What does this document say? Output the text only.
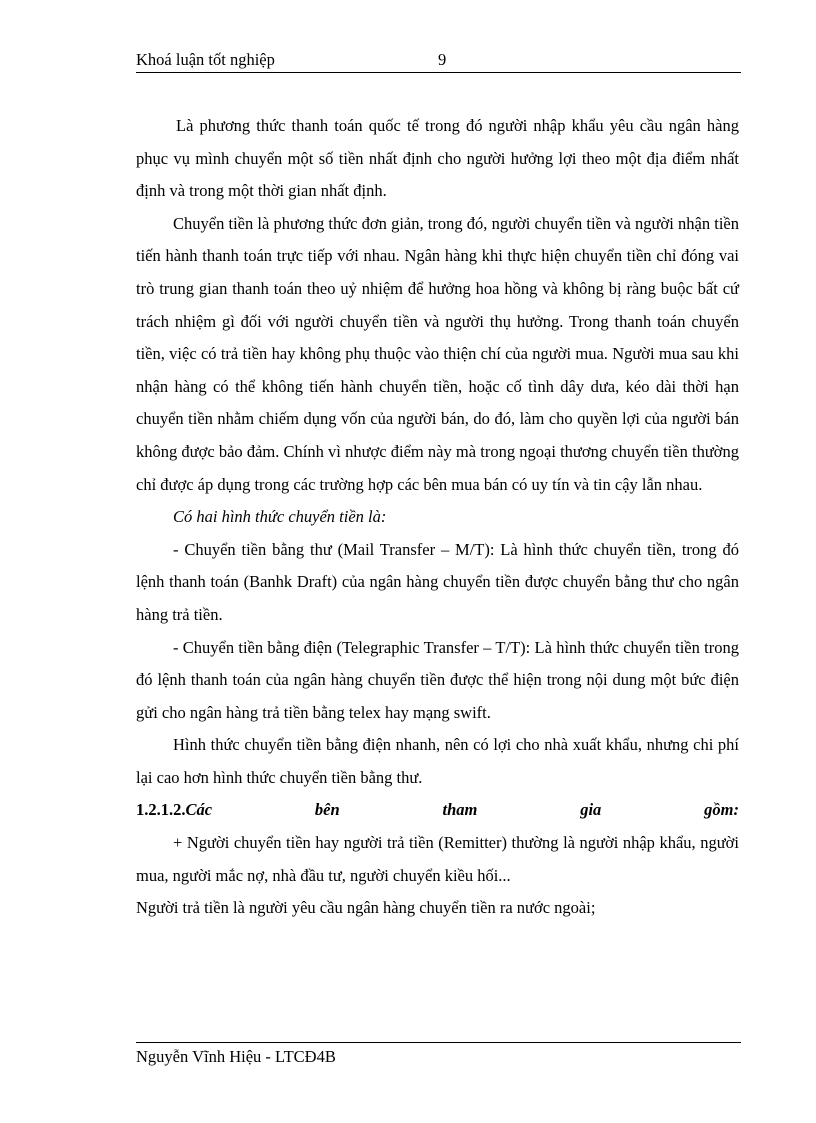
Khoá luận tốt nghiệp	9

Là phương thức thanh toán quốc tế trong đó người nhập khẩu yêu cầu ngân hàng phục vụ mình chuyển một số tiền nhất định cho người hưởng lợi theo một địa điểm nhất định và trong một thời gian nhất định.

Chuyển tiền là phương thức đơn giản, trong đó, người chuyển tiền và người nhận tiền tiến hành thanh toán trực tiếp với nhau. Ngân hàng khi thực hiện chuyển tiền chỉ đóng vai trò trung gian thanh toán theo uỷ nhiệm để hưởng hoa hồng và không bị ràng buộc bất cứ trách nhiệm gì đối với người chuyển tiền và người thụ hưởng. Trong thanh toán chuyển tiền, việc có trả tiền hay không phụ thuộc vào thiện chí của người mua. Người mua sau khi nhận hàng có thể không tiến hành chuyển tiền, hoặc cố tình dây dưa, kéo dài thời hạn chuyển tiền nhằm chiếm dụng vốn của người bán, do đó, làm cho quyền lợi của người bán không được bảo đảm. Chính vì nhược điểm này mà trong ngoại thương chuyển tiền thường chỉ được áp dụng trong các trường hợp các bên mua bán có uy tín và tin cậy lẫn nhau.

Có hai hình thức chuyển tiền là:

- Chuyển tiền bằng thư (Mail Transfer – M/T): Là hình thức chuyển tiền, trong đó lệnh thanh toán (Banhk Draft) của ngân hàng chuyển tiền được chuyển bằng thư cho ngân hàng trả tiền.

- Chuyển tiền bằng điện (Telegraphic Transfer – T/T): Là hình thức chuyển tiền trong đó lệnh thanh toán của ngân hàng chuyển tiền được thể hiện trong nội dung một bức điện gửi cho ngân hàng trả tiền bằng telex hay mạng swift.

Hình thức chuyển tiền bằng điện nhanh, nên có lợi cho nhà xuất khẩu, nhưng chi phí lại cao hơn hình thức chuyển tiền bằng thư.

1.2.1.2.Các	bên	tham	gia	gồm:

+ Người chuyển tiền hay người trả tiền (Remitter) thường là người nhập khẩu, người mua, người mắc nợ, nhà đầu tư, người chuyển kiều hối...

Người trả tiền là người yêu cầu ngân hàng chuyển tiền ra nước ngoài;

Nguyễn Vĩnh Hiệu - LTCĐ4B
